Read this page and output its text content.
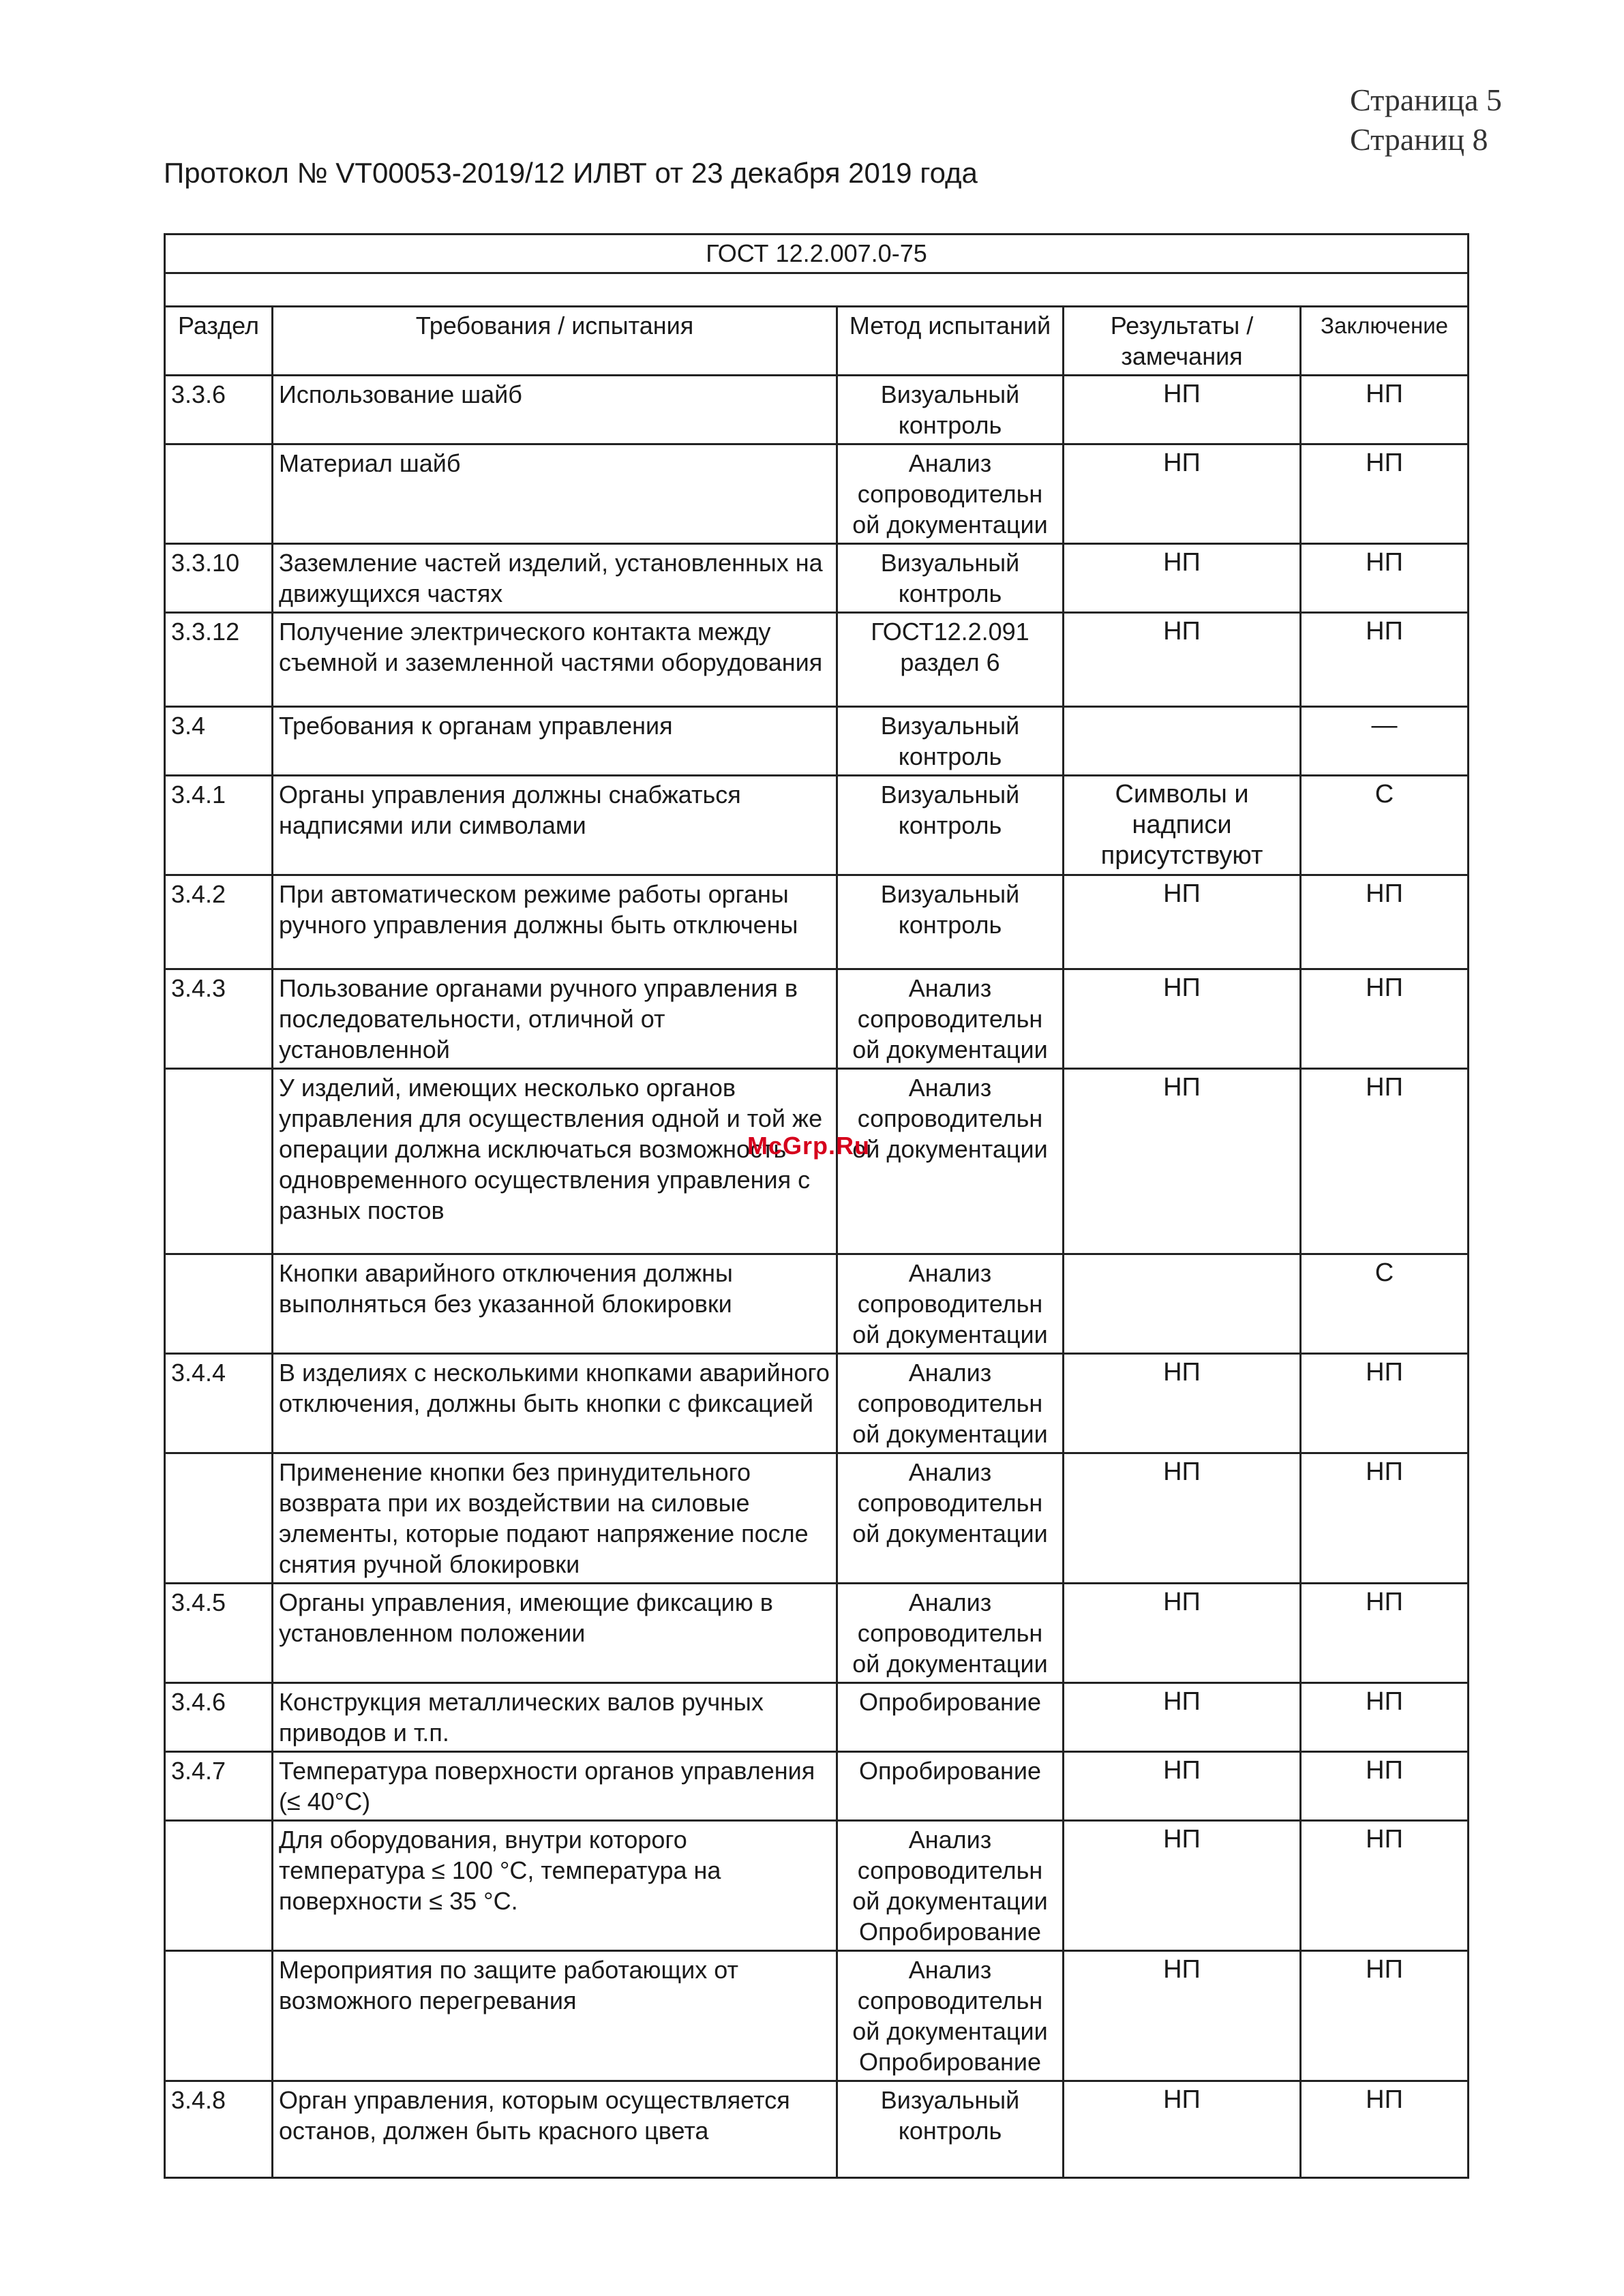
Страница 5
Страниц 8
Протокол № VT00053-2019/12 ИЛВТ от 23 декабря 2019 года
ГОСТ 12.2.007.0-75				

Раздел	Требования / испытания	Метод испытаний	Результаты / замечания	Заключение
3.3.6	Использование шайб	Визуальный контроль	НП	НП
	Материал шайб	Анализ сопроводительн ой документации	НП	НП
3.3.10	Заземление частей изделий, установленных на движущихся частях	Визуальный контроль	НП	НП
3.3.12	Получение электрического контакта между съемной и заземленной частями оборудования	ГОСТ12.2.091 раздел 6	НП	НП
3.4	Требования к органам управления	Визуальный контроль		—
3.4.1	Органы управления должны снабжаться надписями или символами	Визуальный контроль	Символы и надписи присутствуют	С
3.4.2	При автоматическом режиме работы органы ручного управления должны быть отключены	Визуальный контроль	НП	НП
3.4.3	Пользование органами ручного управления в последовательности, отличной от установленной	Анализ сопроводительн ой документации	НП	НП
	У изделий, имеющих несколько органов управления для осуществления одной и той же операции должна исключаться возможность одновременного осуществления управления с разных постов	Анализ сопроводительн ой документации	НП	НП
	Кнопки аварийного отключения должны выполняться без указанной блокировки	Анализ сопроводительн ой документации		С
3.4.4	В изделиях с несколькими кнопками аварийного отключения, должны быть кнопки с фиксацией	Анализ сопроводительн ой документации	НП	НП
	Применение кнопки без принудительного возврата при их воздействии на силовые элементы, которые подают напряжение после снятия ручной блокировки	Анализ сопроводительн ой документации	НП	НП
3.4.5	Органы управления, имеющие фиксацию в установленном положении	Анализ сопроводительн ой документации	НП	НП
3.4.6	Конструкция металлических валов ручных приводов и т.п.	Опробирование	НП	НП
3.4.7	Температура поверхности органов управления (≤ 40°С)	Опробирование	НП	НП
	Для оборудования, внутри которого температура ≤ 100 °С, температура на поверхности ≤ 35 °С.	Анализ сопроводительн ой документации Опробирование	НП	НП
	Мероприятия по защите работающих от возможного перегревания	Анализ сопроводительн ой документации Опробирование	НП	НП
3.4.8	Орган управления, которым осуществляется останов, должен быть красного цвета	Визуальный контроль	НП	НП
McGrp.Ru
